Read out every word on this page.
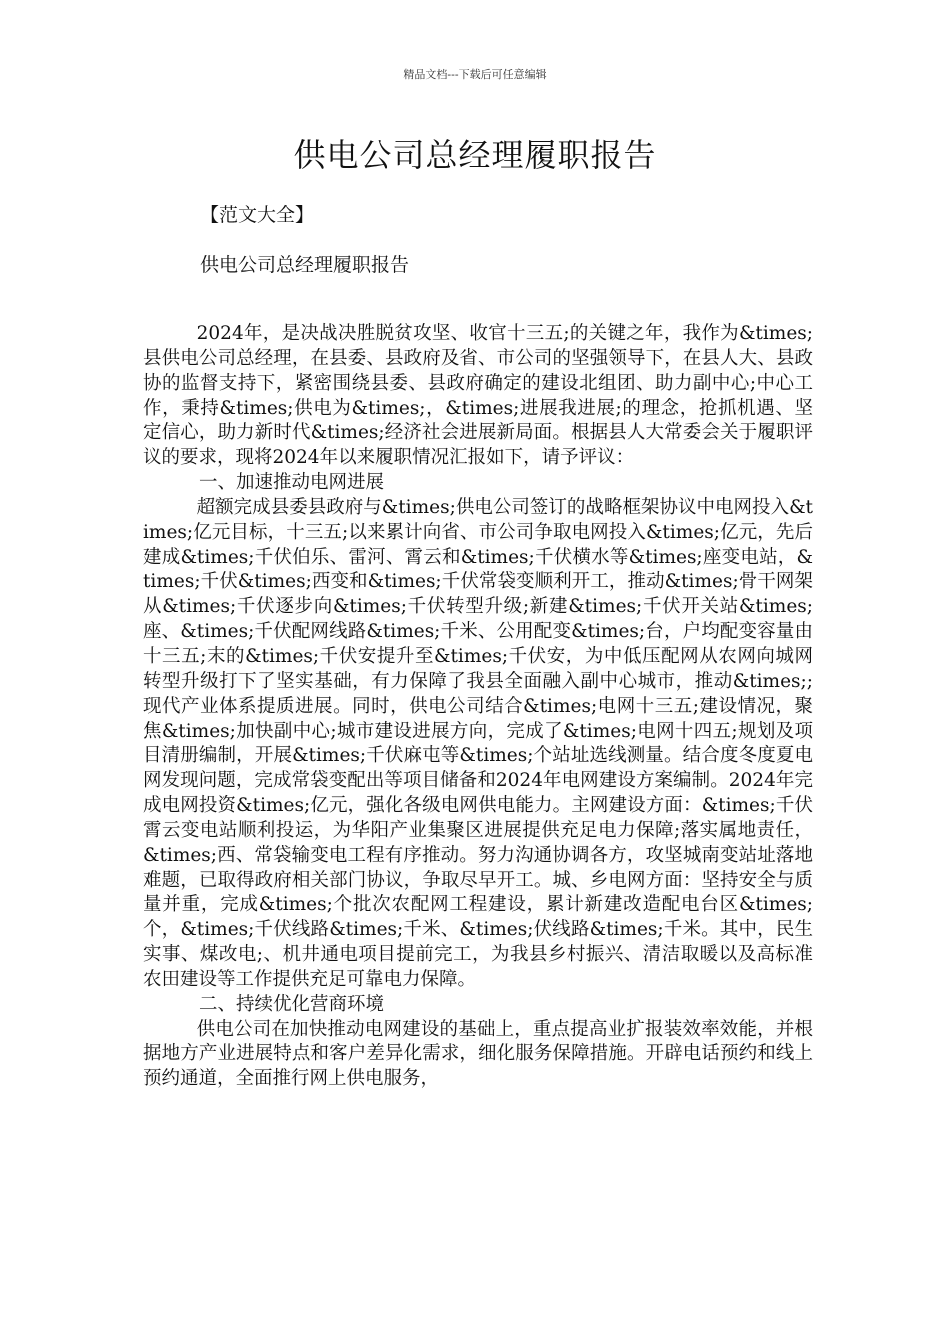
精品文档---下载后可任意编辑
供电公司总经理履职报告
【范文大全】
供电公司总经理履职报告

2024年，是决战决胜脱贫攻坚、收官十三五;的关键之年，我作为&times;县供电公司总经理，在县委、县政府及省、市公司的坚强领导下，在县人大、县政协的监督支持下，紧密围绕县委、县政府确定的建设北组团、助力副中心;中心工作，秉持&times;供电为&times;，&times;进展我进展;的理念，抢抓机遇、坚定信心，助力新时代&times;经济社会进展新局面。根据县人大常委会关于履职评议的要求，现将2024年以来履职情况汇报如下，请予评议：

一、加速推动电网进展

超额完成县委县政府与&times;供电公司签订的战略框架协议中电网投入&times;亿元目标，十三五;以来累计向省、市公司争取电网投入&times;亿元，先后建成&times;千伏伯乐、雷河、霄云和&times;千伏横水等&times;座变电站，&times;千伏&times;西变和&times;千伏常袋变顺利开工，推动&times;骨干网架从&times;千伏逐步向&times;千伏转型升级;新建&times;千伏开关站&times;座、&times;千伏配网线路&times;千米、公用配变&times;台，户均配变容量由十三五;末的&times;千伏安提升至&times;千伏安，为中低压配网从农网向城网转型升级打下了坚实基础，有力保障了我县全面融入副中心城市，推动&times;;现代产业体系提质进展。同时，供电公司结合&times;电网十三五;建设情况，聚焦&times;加快副中心;城市建设进展方向，完成了&times;电网十四五;规划及项目清册编制，开展&times;千伏麻屯等&times;个站址选线测量。结合度冬度夏电网发现问题，完成常袋变配出等项目储备和2024年电网建设方案编制。2024年完成电网投资&times;亿元，强化各级电网供电能力。主网建设方面：&times;千伏霄云变电站顺利投运，为华阳产业集聚区进展提供充足电力保障;落实属地责任，&times;西、常袋输变电工程有序推动。努力沟通协调各方，攻坚城南变站址落地难题，已取得政府相关部门协议，争取尽早开工。城、乡电网方面：坚持安全与质量并重，完成&times;个批次农配网工程建设，累计新建改造配电台区&times;个，&times;千伏线路&times;千米、&times;伏线路&times;千米。其中，民生实事、煤改电;、机井通电项目提前完工，为我县乡村振兴、清洁取暖以及高标准农田建设等工作提供充足可靠电力保障。

二、持续优化营商环境

供电公司在加快推动电网建设的基础上，重点提高业扩报装效率效能，并根据地方产业进展特点和客户差异化需求，细化服务保障措施。开辟电话预约和线上预约通道，全面推行网上供电服务，
